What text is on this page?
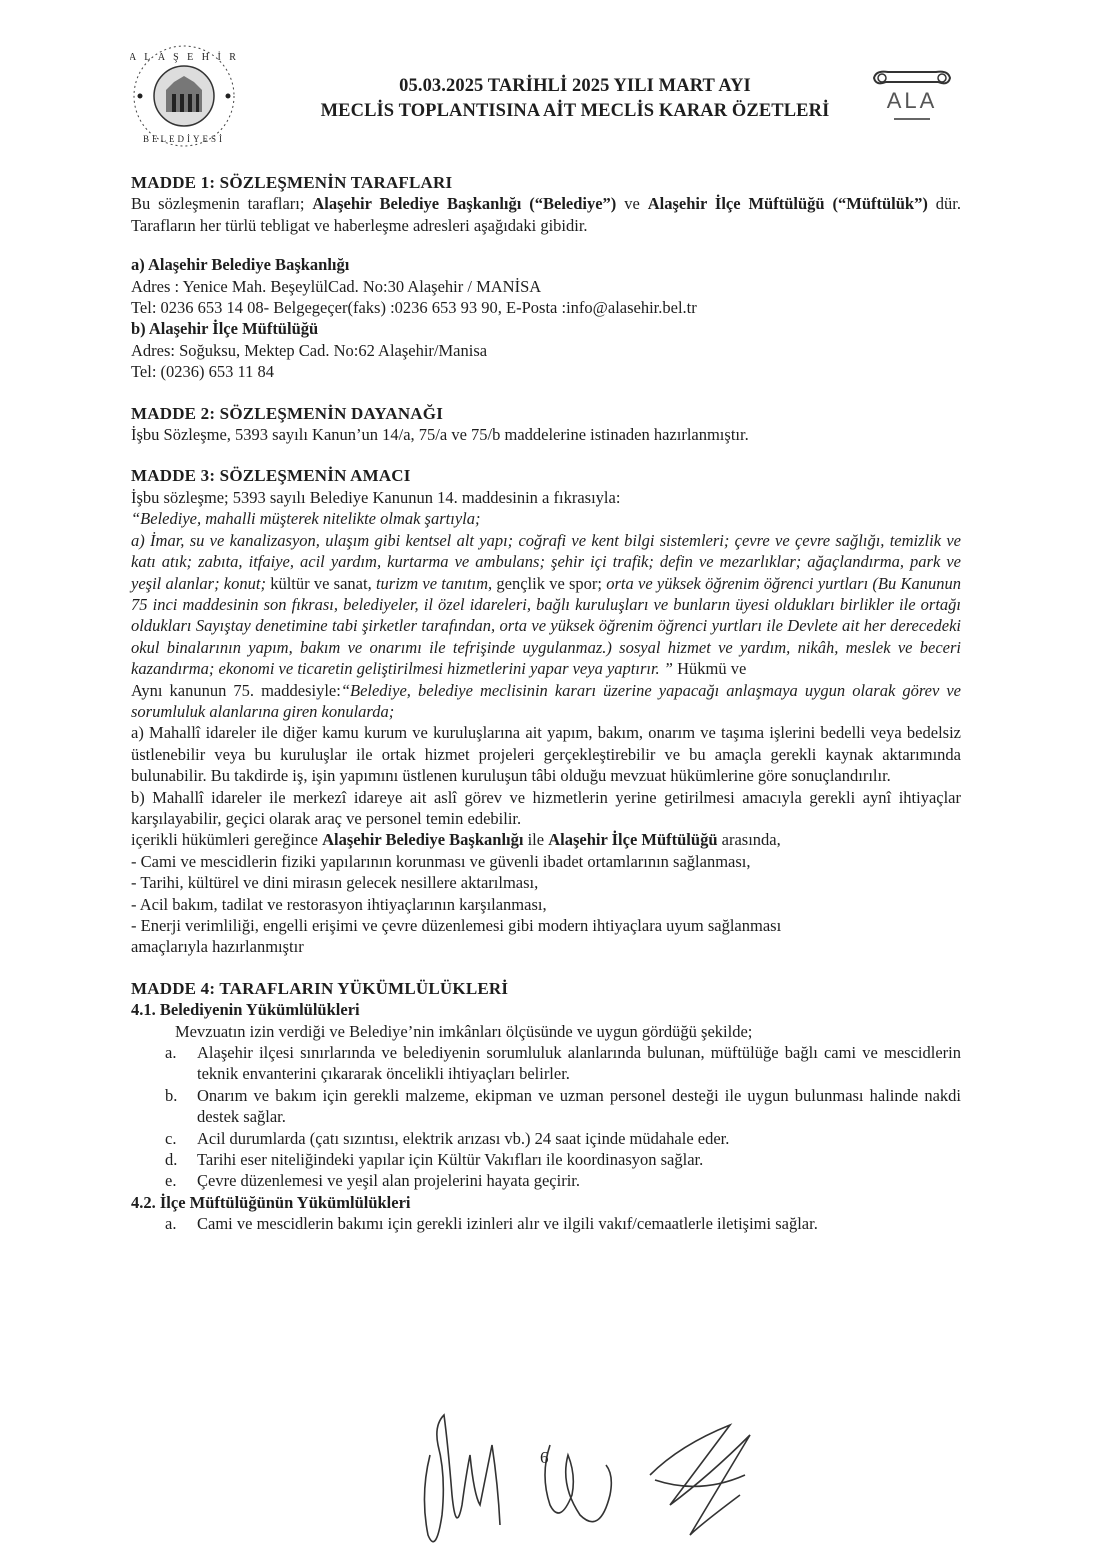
A L A Ş E H İ R
BELEDİYESİ
05.03.2025 TARİHLİ 2025 YILI MART AYI
MECLİS TOPLANTISINA AİT MECLİS KARAR ÖZETLERİ	ALA

MADDE 1: SÖZLEŞMENİN TARAFLARI

Bu sözleşmenin tarafları; Alaşehir Belediye Başkanlığı (“Belediye”) ve Alaşehir İlçe Müftülüğü (“Müftülük”) dür. Tarafların her türlü tebligat ve haberleşme adresleri aşağıdaki gibidir.

a) Alaşehir Belediye Başkanlığı

Adres : Yenice Mah. BeşeylülCad. No:30 Alaşehir / MANİSA

Tel: 0236 653 14 08- Belgegeçer(faks) :0236 653 93 90, E-Posta :info@alasehir.bel.tr

b) Alaşehir İlçe Müftülüğü

Adres: Soğuksu, Mektep Cad. No:62 Alaşehir/Manisa

Tel: (0236) 653 11 84

MADDE 2: SÖZLEŞMENİN DAYANAĞI

İşbu Sözleşme, 5393 sayılı Kanun’un 14/a, 75/a ve 75/b maddelerine istinaden hazırlanmıştır.

MADDE 3: SÖZLEŞMENİN AMACI

İşbu sözleşme; 5393 sayılı Belediye Kanunun 14. maddesinin a fıkrasıyla:

“Belediye, mahalli müşterek nitelikte olmak şartıyla;

a) İmar, su ve kanalizasyon, ulaşım gibi kentsel alt yapı; coğrafi ve kent bilgi sistemleri; çevre ve çevre sağlığı, temizlik ve katı atık; zabıta, itfaiye, acil yardım, kurtarma ve ambulans; şehir içi trafik; defin ve mezarlıklar; ağaçlandırma, park ve yeşil alanlar; konut; kültür ve sanat, turizm ve tanıtım, gençlik ve spor; orta ve yüksek öğrenim öğrenci yurtları (Bu Kanunun 75 inci maddesinin son fıkrası, belediyeler, il özel idareleri, bağlı kuruluşları ve bunların üyesi oldukları birlikler ile ortağı oldukları Sayıştay denetimine tabi şirketler tarafından, orta ve yüksek öğrenim öğrenci yurtları ile Devlete ait her derecedeki okul binalarının yapım, bakım ve onarımı ile tefrişinde uygulanmaz.) sosyal hizmet ve yardım, nikâh, meslek ve beceri kazandırma; ekonomi ve ticaretin geliştirilmesi hizmetlerini yapar veya yaptırır. ” Hükmü ve

Aynı kanunun 75. maddesiyle:“Belediye, belediye meclisinin kararı üzerine yapacağı anlaşmaya uygun olarak görev ve sorumluluk alanlarına giren konularda;

a) Mahallî idareler ile diğer kamu kurum ve kuruluşlarına ait yapım, bakım, onarım ve taşıma işlerini bedelli veya bedelsiz üstlenebilir veya bu kuruluşlar ile ortak hizmet projeleri gerçekleştirebilir ve bu amaçla gerekli kaynak aktarımında bulunabilir. Bu takdirde iş, işin yapımını üstlenen kuruluşun tâbi olduğu mevzuat hükümlerine göre sonuçlandırılır.

b) Mahallî idareler ile merkezî idareye ait aslî görev ve hizmetlerin yerine getirilmesi amacıyla gerekli aynî ihtiyaçlar karşılayabilir, geçici olarak araç ve personel temin edebilir.

içerikli hükümleri gereğince Alaşehir Belediye Başkanlığı ile Alaşehir İlçe Müftülüğü arasında,

- Cami ve mescidlerin fiziki yapılarının korunması ve güvenli ibadet ortamlarının sağlanması,

- Tarihi, kültürel ve dini mirasın gelecek nesillere aktarılması,

- Acil bakım, tadilat ve restorasyon ihtiyaçlarının karşılanması,

- Enerji verimliliği, engelli erişimi ve çevre düzenlemesi gibi modern ihtiyaçlara uyum sağlanması

amaçlarıyla hazırlanmıştır

MADDE 4: TARAFLARIN YÜKÜMLÜLÜKLERİ

4.1. Belediyenin Yükümlülükleri

Mevzuatın izin verdiği ve Belediye’nin imkânları ölçüsünde ve uygun gördüğü şekilde;

a. Alaşehir ilçesi sınırlarında ve belediyenin sorumluluk alanlarında bulunan, müftülüğe bağlı cami ve mescidlerin teknik envanterini çıkararak öncelikli ihtiyaçları belirler.
b. Onarım ve bakım için gerekli malzeme, ekipman ve uzman personel desteği ile uygun bulunması halinde nakdi destek sağlar.
c. Acil durumlarda (çatı sızıntısı, elektrik arızası vb.) 24 saat içinde müdahale eder.
d. Tarihi eser niteliğindeki yapılar için Kültür Vakıfları ile koordinasyon sağlar.
e. Çevre düzenlemesi ve yeşil alan projelerini hayata geçirir.

4.2. İlçe Müftülüğünün Yükümlülükleri

a. Cami ve mescidlerin bakımı için gerekli izinleri alır ve ilgili vakıf/cemaatlerle iletişimi sağlar.
6
